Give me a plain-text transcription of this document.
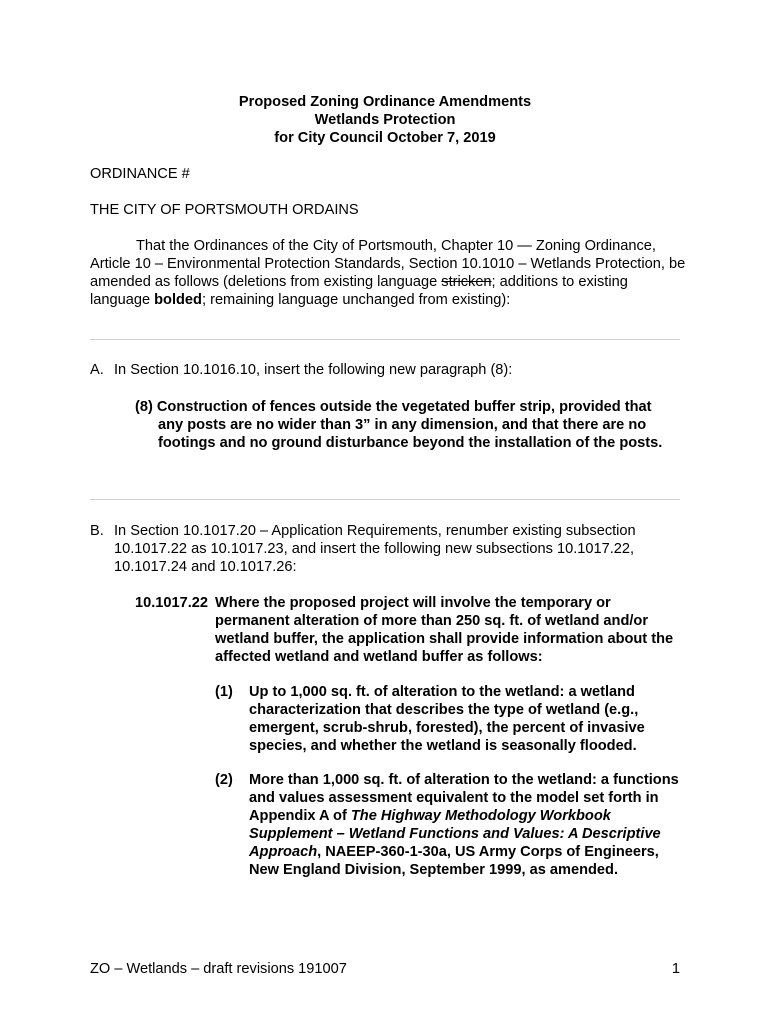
Proposed Zoning Ordinance Amendments
Wetlands Protection
for City Council October 7, 2019
ORDINANCE #
THE CITY OF PORTSMOUTH ORDAINS

That the Ordinances of the City of Portsmouth, Chapter 10 — Zoning Ordinance, Article 10 – Environmental Protection Standards, Section 10.1010 – Wetlands Protection, be amended as follows (deletions from existing language stricken; additions to existing language bolded; remaining language unchanged from existing):

A. In Section 10.1016.10, insert the following new paragraph (8):
(8) Construction of fences outside the vegetated buffer strip, provided that any posts are no wider than 3” in any dimension, and that there are no footings and no ground disturbance beyond the installation of the posts.
B. In Section 10.1017.20 – Application Requirements, renumber existing subsection 10.1017.22 as 10.1017.23, and insert the following new subsections 10.1017.22, 10.1017.24 and 10.1017.26:
10.1017.22 Where the proposed project will involve the temporary or permanent alteration of more than 250 sq. ft. of wetland and/or wetland buffer, the application shall provide information about the affected wetland and wetland buffer as follows:
(1) Up to 1,000 sq. ft. of alteration to the wetland: a wetland characterization that describes the type of wetland (e.g., emergent, scrub-shrub, forested), the percent of invasive species, and whether the wetland is seasonally flooded.
(2) More than 1,000 sq. ft. of alteration to the wetland: a functions and values assessment equivalent to the model set forth in Appendix A of The Highway Methodology Workbook Supplement – Wetland Functions and Values: A Descriptive Approach, NAEEP-360-1-30a, US Army Corps of Engineers, New England Division, September 1999, as amended.
ZO – Wetlands – draft revisions 191007	1
